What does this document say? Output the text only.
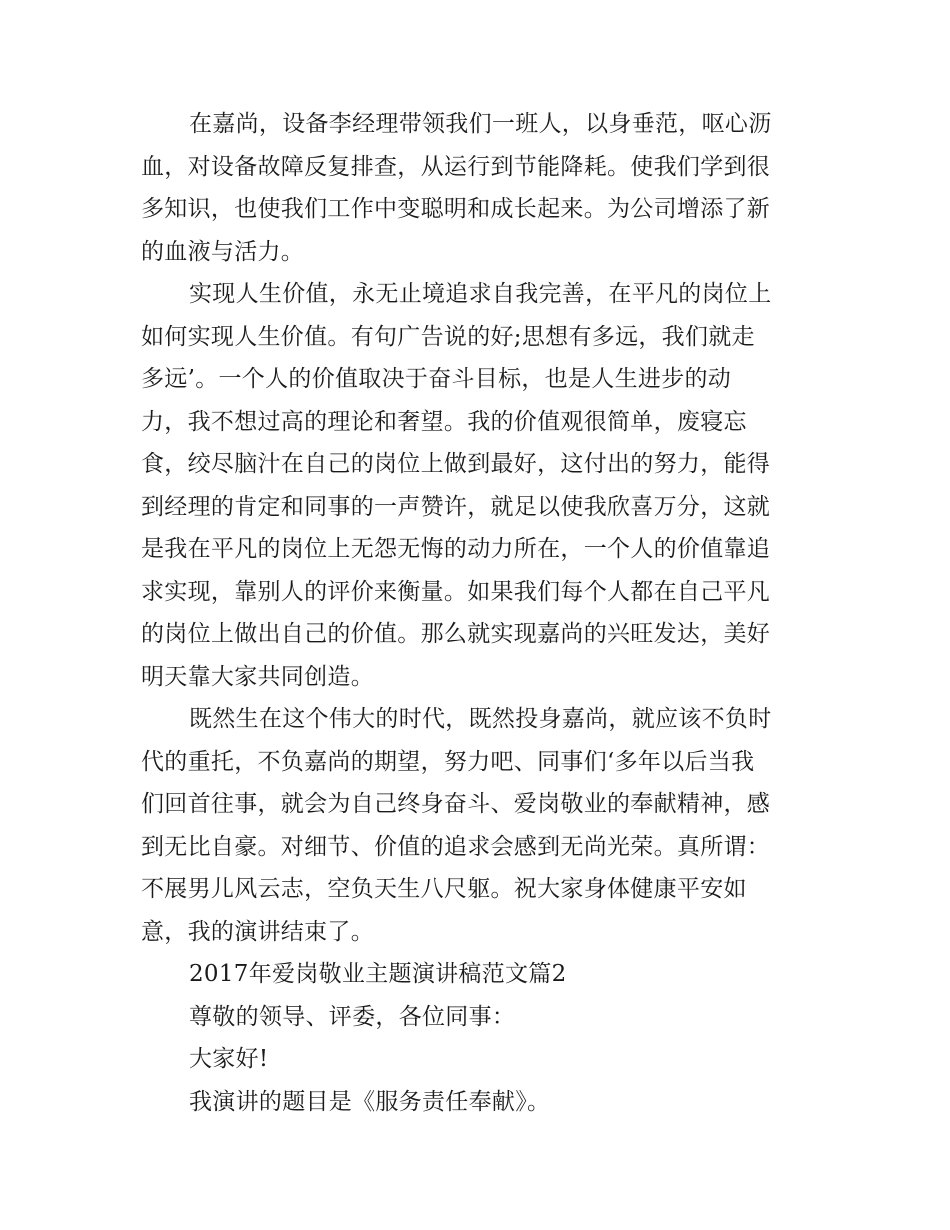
在嘉尚，设备李经理带领我们一班人，以身垂范，呕心沥
血，对设备故障反复排查，从运行到节能降耗。使我们学到很
多知识，也使我们工作中变聪明和成长起来。为公司增添了新
的血液与活力。
实现人生价值，永无止境追求自我完善，在平凡的岗位上
如何实现人生价值。有句广告说的好;思想有多远，我们就走
多远’。一个人的价值取决于奋斗目标，也是人生进步的动
力，我不想过高的理论和奢望。我的价值观很简单，废寝忘
食，绞尽脑汁在自己的岗位上做到最好，这付出的努力，能得
到经理的肯定和同事的一声赞许，就足以使我欣喜万分，这就
是我在平凡的岗位上无怨无悔的动力所在，一个人的价值靠追
求实现，靠别人的评价来衡量。如果我们每个人都在自己平凡
的岗位上做出自己的价值。那么就实现嘉尚的兴旺发达，美好
明天靠大家共同创造。
既然生在这个伟大的时代，既然投身嘉尚，就应该不负时
代的重托，不负嘉尚的期望，努力吧、同事们‘多年以后当我
们回首往事，就会为自己终身奋斗、爱岗敬业的奉献精神，感
到无比自豪。对细节、价值的追求会感到无尚光荣。真所谓：
不展男儿风云志，空负天生八尺躯。祝大家身体健康平安如
意，我的演讲结束了。
2017年爱岗敬业主题演讲稿范文篇2
尊敬的领导、评委，各位同事：
大家好!
我演讲的题目是《服务责任奉献》。
